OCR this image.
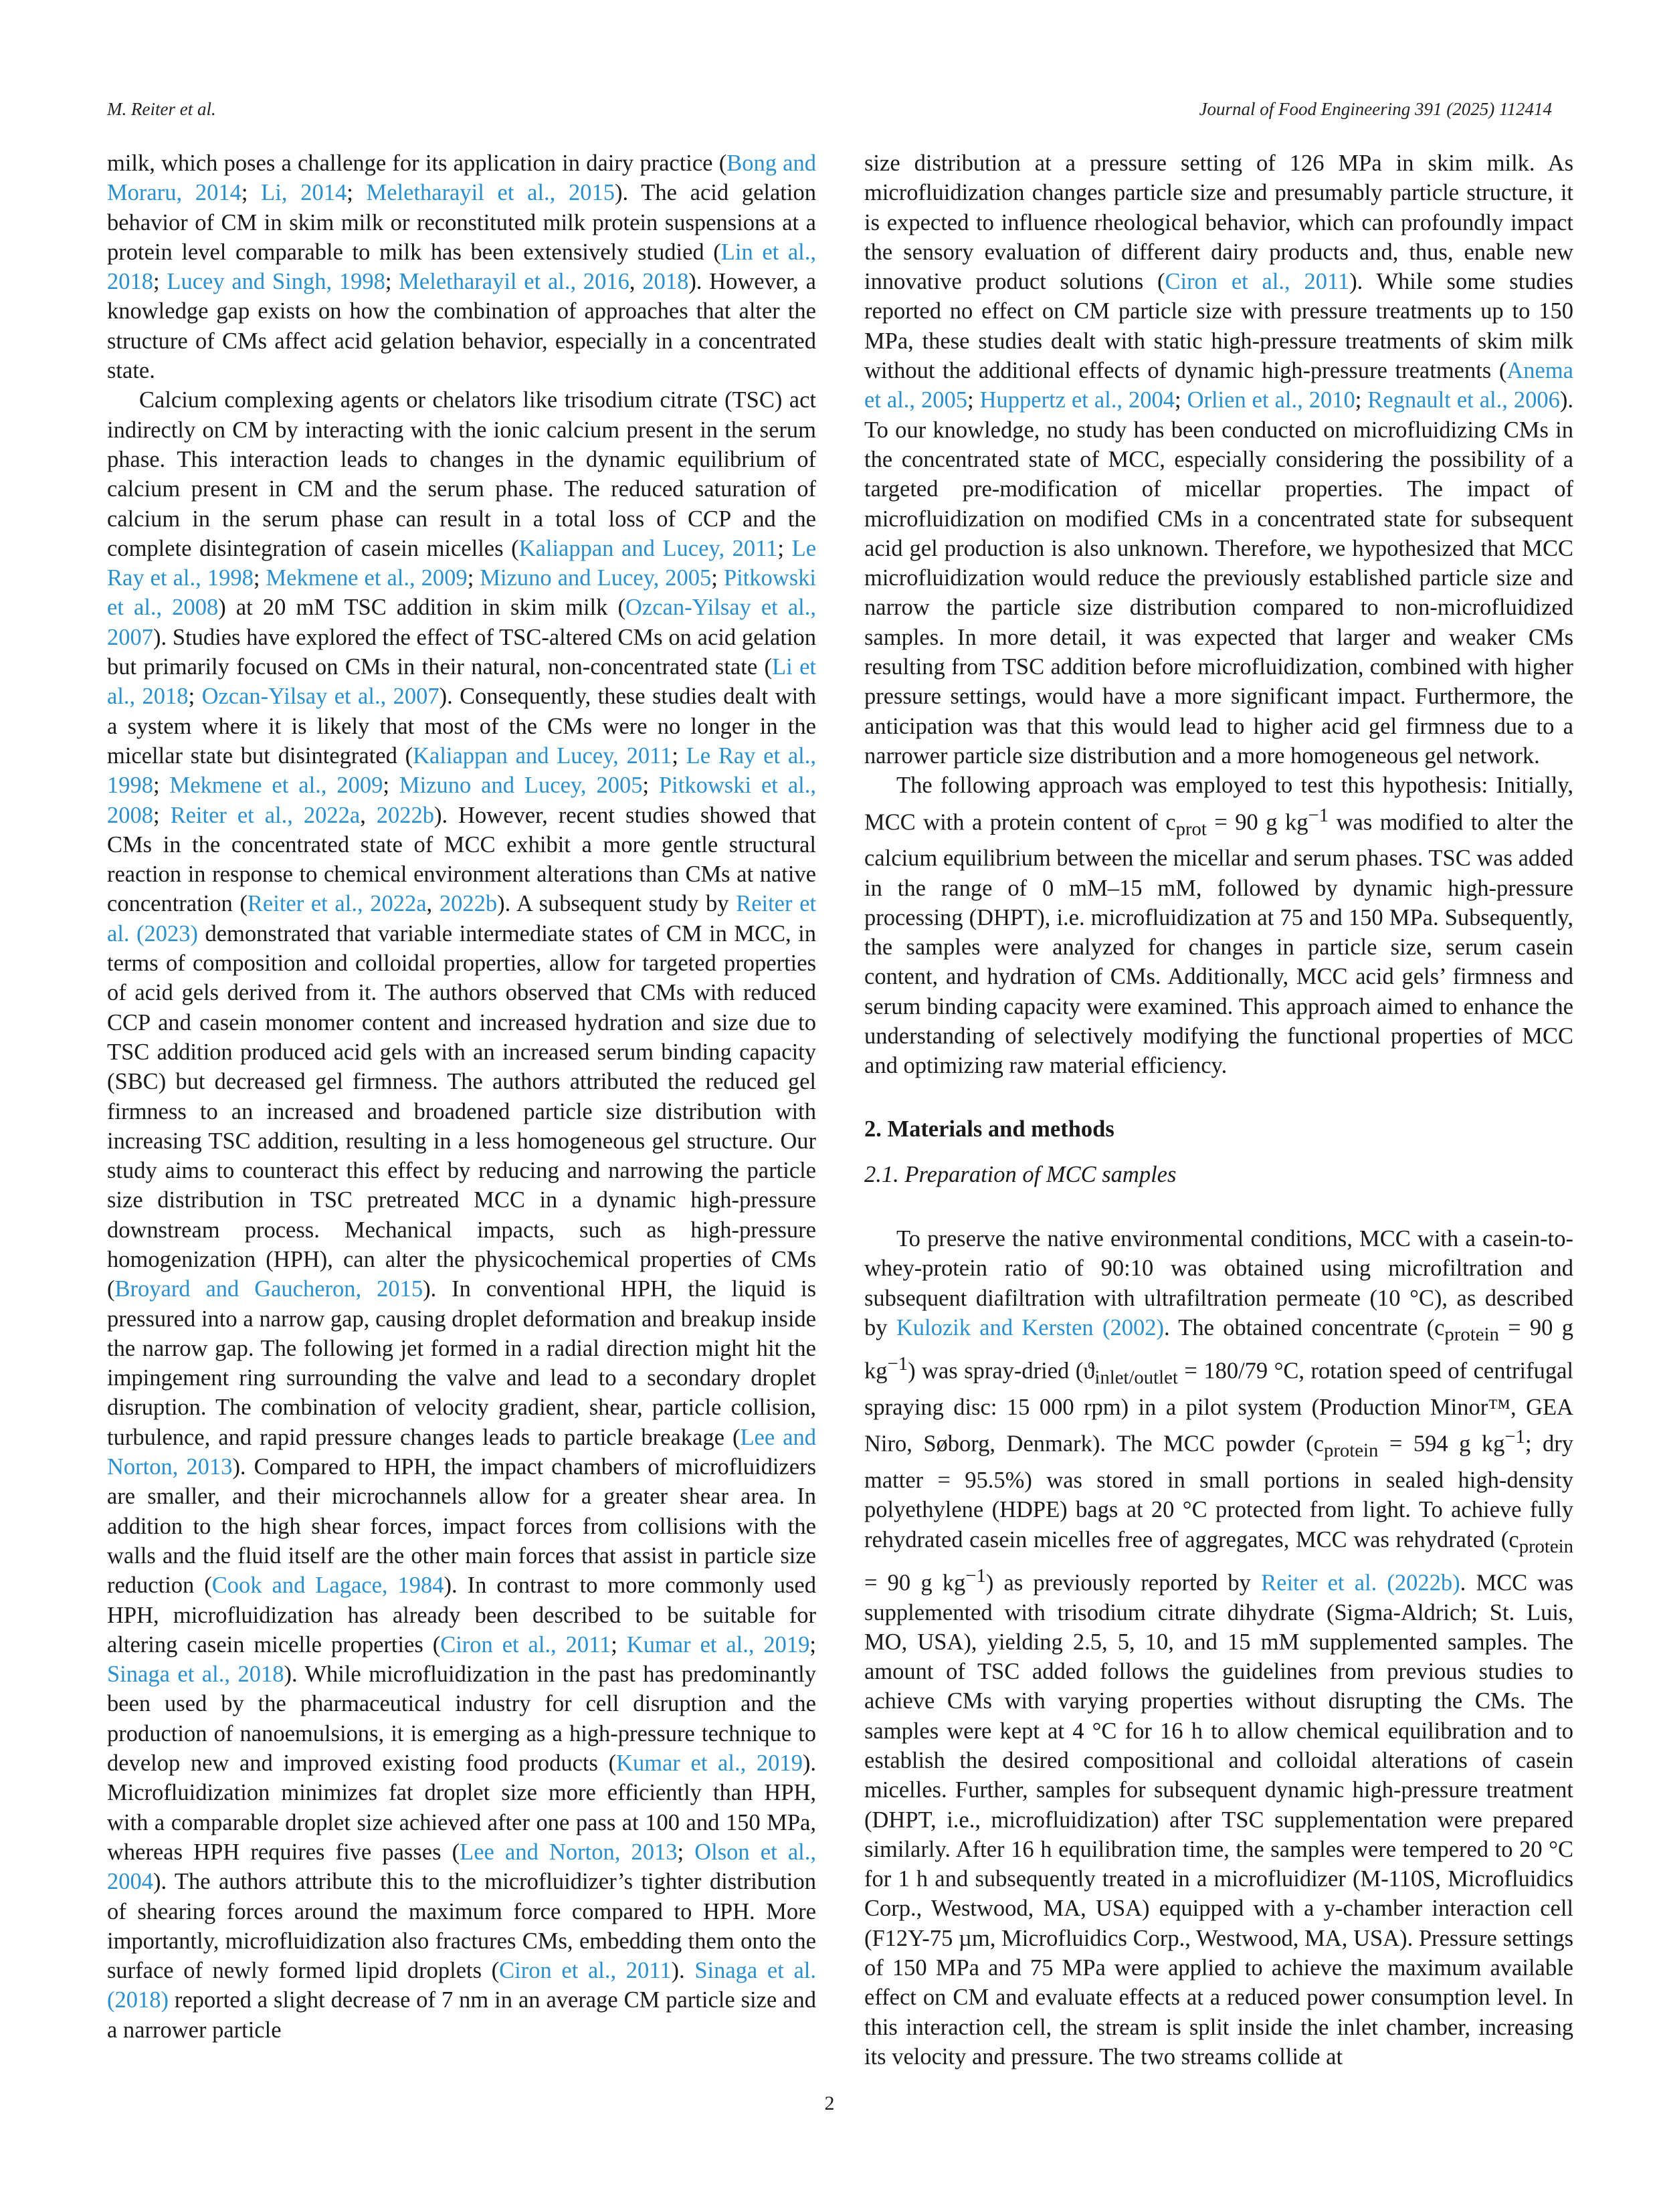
M. Reiter et al.	Journal of Food Engineering 391 (2025) 112414

milk, which poses a challenge for its application in dairy practice (Bong and Moraru, 2014; Li, 2014; Meletharayil et al., 2015). The acid gelation behavior of CM in skim milk or reconstituted milk protein suspensions at a protein level comparable to milk has been extensively studied (Lin et al., 2018; Lucey and Singh, 1998; Meletharayil et al., 2016, 2018). However, a knowledge gap exists on how the combination of approaches that alter the structure of CMs affect acid gelation behavior, especially in a concentrated state.

Calcium complexing agents or chelators like trisodium citrate (TSC) act indirectly on CM by interacting with the ionic calcium present in the serum phase. This interaction leads to changes in the dynamic equilibrium of calcium present in CM and the serum phase. The reduced saturation of calcium in the serum phase can result in a total loss of CCP and the complete disintegration of casein micelles (Kaliappan and Lucey, 2011; Le Ray et al., 1998; Mekmene et al., 2009; Mizuno and Lucey, 2005; Pitkowski et al., 2008) at 20 mM TSC addition in skim milk (Ozcan-Yilsay et al., 2007). Studies have explored the effect of TSC-altered CMs on acid gelation but primarily focused on CMs in their natural, non-concentrated state (Li et al., 2018; Ozcan-Yilsay et al., 2007). Consequently, these studies dealt with a system where it is likely that most of the CMs were no longer in the micellar state but disintegrated (Kaliappan and Lucey, 2011; Le Ray et al., 1998; Mekmene et al., 2009; Mizuno and Lucey, 2005; Pitkowski et al., 2008; Reiter et al., 2022a, 2022b). However, recent studies showed that CMs in the concentrated state of MCC exhibit a more gentle structural reaction in response to chemical environment alterations than CMs at native concentration (Reiter et al., 2022a, 2022b). A subsequent study by Reiter et al. (2023) demonstrated that variable intermediate states of CM in MCC, in terms of composition and colloidal properties, allow for targeted properties of acid gels derived from it. The authors observed that CMs with reduced CCP and casein monomer content and increased hydration and size due to TSC addition produced acid gels with an increased serum binding capacity (SBC) but decreased gel firmness. The authors attributed the reduced gel firmness to an increased and broadened particle size distribution with increasing TSC addition, resulting in a less homogeneous gel structure. Our study aims to counteract this effect by reducing and narrowing the particle size distribution in TSC pretreated MCC in a dynamic high-pressure downstream process. Mechanical impacts, such as high-pressure homogenization (HPH), can alter the physicochemical properties of CMs (Broyard and Gaucheron, 2015). In conventional HPH, the liquid is pressured into a narrow gap, causing droplet deformation and breakup inside the narrow gap. The following jet formed in a radial direction might hit the impingement ring surrounding the valve and lead to a secondary droplet disruption. The combination of velocity gradient, shear, particle collision, turbulence, and rapid pressure changes leads to particle breakage (Lee and Norton, 2013). Compared to HPH, the impact chambers of microfluidizers are smaller, and their microchannels allow for a greater shear area. In addition to the high shear forces, impact forces from collisions with the walls and the fluid itself are the other main forces that assist in particle size reduction (Cook and Lagace, 1984). In contrast to more commonly used HPH, microfluidization has already been described to be suitable for altering casein micelle properties (Ciron et al., 2011; Kumar et al., 2019; Sinaga et al., 2018). While microfluidization in the past has predominantly been used by the pharmaceutical industry for cell disruption and the production of nanoemulsions, it is emerging as a high-pressure technique to develop new and improved existing food products (Kumar et al., 2019). Microfluidization minimizes fat droplet size more efficiently than HPH, with a comparable droplet size achieved after one pass at 100 and 150 MPa, whereas HPH requires five passes (Lee and Norton, 2013; Olson et al., 2004). The authors attribute this to the microfluidizer’s tighter distribution of shearing forces around the maximum force compared to HPH. More importantly, microfluidization also fractures CMs, embedding them onto the surface of newly formed lipid droplets (Ciron et al., 2011). Sinaga et al. (2018) reported a slight decrease of 7 nm in an average CM particle size and a narrower particle

size distribution at a pressure setting of 126 MPa in skim milk. As microfluidization changes particle size and presumably particle structure, it is expected to influence rheological behavior, which can profoundly impact the sensory evaluation of different dairy products and, thus, enable new innovative product solutions (Ciron et al., 2011). While some studies reported no effect on CM particle size with pressure treatments up to 150 MPa, these studies dealt with static high-pressure treatments of skim milk without the additional effects of dynamic high-pressure treatments (Anema et al., 2005; Huppertz et al., 2004; Orlien et al., 2010; Regnault et al., 2006). To our knowledge, no study has been conducted on microfluidizing CMs in the concentrated state of MCC, especially considering the possibility of a targeted pre-modification of micellar properties. The impact of microfluidization on modified CMs in a concentrated state for subsequent acid gel production is also unknown. Therefore, we hypothesized that MCC microfluidization would reduce the previously established particle size and narrow the particle size distribution compared to non-microfluidized samples. In more detail, it was expected that larger and weaker CMs resulting from TSC addition before microfluidization, combined with higher pressure settings, would have a more significant impact. Furthermore, the anticipation was that this would lead to higher acid gel firmness due to a narrower particle size distribution and a more homogeneous gel network.

The following approach was employed to test this hypothesis: Initially, MCC with a protein content of $c_{prot} = 90$ g $kg^{-1}$ was modified to alter the calcium equilibrium between the micellar and serum phases. TSC was added in the range of 0 mM–15 mM, followed by dynamic high-pressure processing (DHPT), i.e. microfluidization at 75 and 150 MPa. Subsequently, the samples were analyzed for changes in particle size, serum casein content, and hydration of CMs. Additionally, MCC acid gels’ firmness and serum binding capacity were examined. This approach aimed to enhance the understanding of selectively modifying the functional properties of MCC and optimizing raw material efficiency.

2. Materials and methods

2.1. Preparation of MCC samples

To preserve the native environmental conditions, MCC with a casein-to-whey-protein ratio of 90:10 was obtained using microfiltration and subsequent diafiltration with ultrafiltration permeate (10 °C), as described by Kulozik and Kersten (2002). The obtained concentrate ($c_{protein} = 90$ g $kg^{-1}$) was spray-dried ($ϑ_{inlet/outlet} = 180/79$ °C, rotation speed of centrifugal spraying disc: 15 000 rpm) in a pilot system (Production Minor™, GEA Niro, Søborg, Denmark). The MCC powder ($c_{protein} = 594$ g $kg^{-1}$; dry matter = 95.5%) was stored in small portions in sealed high-density polyethylene (HDPE) bags at 20 °C protected from light. To achieve fully rehydrated casein micelles free of aggregates, MCC was rehydrated ($c_{protein} = 90$ g $kg^{-1}$) as previously reported by Reiter et al. (2022b). MCC was supplemented with trisodium citrate dihydrate (Sigma-Aldrich; St. Luis, MO, USA), yielding 2.5, 5, 10, and 15 mM supplemented samples. The amount of TSC added follows the guidelines from previous studies to achieve CMs with varying properties without disrupting the CMs. The samples were kept at 4 °C for 16 h to allow chemical equilibration and to establish the desired compositional and colloidal alterations of casein micelles. Further, samples for subsequent dynamic high-pressure treatment (DHPT, i.e., microfluidization) after TSC supplementation were prepared similarly. After 16 h equilibration time, the samples were tempered to 20 °C for 1 h and subsequently treated in a microfluidizer (M-110S, Microfluidics Corp., Westwood, MA, USA) equipped with a y-chamber interaction cell (F12Y-75 µm, Microfluidics Corp., Westwood, MA, USA). Pressure settings of 150 MPa and 75 MPa were applied to achieve the maximum available effect on CM and evaluate effects at a reduced power consumption level. In this interaction cell, the stream is split inside the inlet chamber, increasing its velocity and pressure. The two streams collide at

2
